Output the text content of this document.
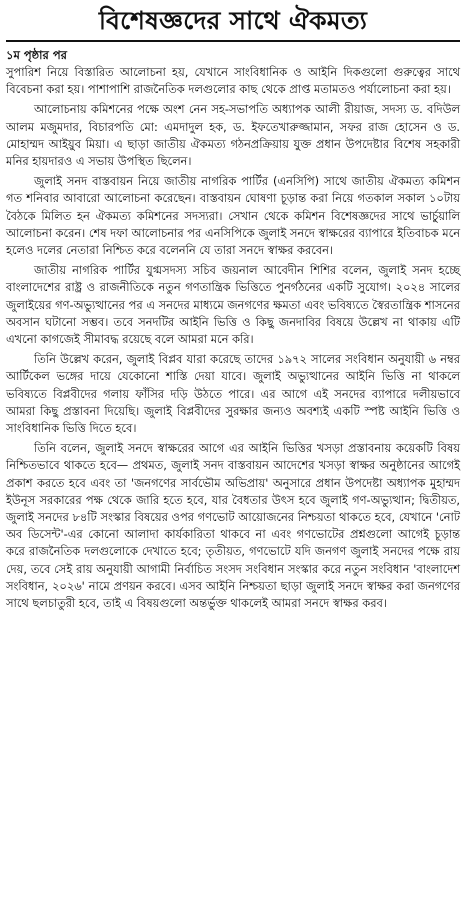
বিশেষজ্ঞদের সাথে ঐকমত্য

১ম পৃষ্ঠার পর

সুপারিশ নিয়ে বিস্তারিত আলোচনা হয়, যেখানে সাংবিধানিক ও আইনি দিকগুলো গুরুত্বের সাথে বিবেচনা করা হয়। পাশাপাশি রাজনৈতিক দলগুলোর কাছ থেকে প্রাপ্ত মতামতও পর্যালোচনা করা হয়।

আলোচনায় কমিশনের পক্ষে অংশ নেন সহ-সভাপতি অধ্যাপক আলী রীয়াজ, সদস্য ড. বদিউল আলম মজুমদার, বিচারপতি মো: এমদাদুল হক, ড. ইফতেখারুজ্জামান, সফর রাজ হোসেন ও ড. মোহাম্মদ আইয়ুব মিয়া। এ ছাড়া জাতীয় ঐকমত্য গঠনপ্রক্রিয়ায় যুক্ত প্রধান উপদেষ্টার বিশেষ সহকারী মনির হায়দারও এ সভায় উপস্থিত ছিলেন।

জুলাই সনদ বাস্তবায়ন নিয়ে জাতীয় নাগরিক পার্টির (এনসিপি) সাথে জাতীয় ঐকমত্য কমিশন গত শনিবার আবারো আলোচনা করেছেন। বাস্তবায়ন ঘোষণা চূড়ান্ত করা নিয়ে গতকাল সকাল ১০টায় বৈঠকে মিলিত হন ঐকমত্য কমিশনের সদস্যরা। সেখান থেকে কমিশন বিশেষজ্ঞদের সাথে ভার্চুয়ালি আলোচনা করেন। শেষ দফা আলোচনার পর এনসিপিকে জুলাই সনদে স্বাক্ষরের ব্যাপারে ইতিবাচক মনে হলেও দলের নেতারা নিশ্চিত করে বলেননি যে তারা সনদে স্বাক্ষর করবেন।

জাতীয় নাগরিক পার্টির যুগ্মসদস্য সচিব জয়নাল আবেদীন শিশির বলেন, জুলাই সনদ হচ্ছে বাংলাদেশের রাষ্ট্র ও রাজনীতিকে নতুন গণতান্ত্রিক ভিত্তিতে পুনর্গঠনের একটি সুযোগ। ২০২৪ সালের জুলাইয়ের গণ-অভ্যুত্থানের পর এ সনদের মাধ্যমে জনগণের ক্ষমতা এবং ভবিষ্যতে স্বৈরতান্ত্রিক শাসনের অবসান ঘটানো সম্ভব। তবে সনদটির আইনি ভিত্তি ও কিছু জনদাবির বিষয়ে উল্লেখ না থাকায় এটি এখনো কাগজেই সীমাবদ্ধ রয়েছে বলে আমরা মনে করি।

তিনি উল্লেখ করেন, জুলাই বিপ্লব যারা করেছে তাদের ১৯৭২ সালের সংবিধান অনুযায়ী ৬ নম্বর আর্টিকেল ভঙ্গের দায়ে যেকোনো শাস্তি দেয়া যাবে। জুলাই অভ্যুত্থানের আইনি ভিত্তি না থাকলে ভবিষ্যতে বিপ্লবীদের গলায় ফাঁসির দড়ি উঠতে পারে। এর আগে এই সনদের ব্যাপারে দলীয়ভাবে আমরা কিছু প্রস্তাবনা দিয়েছি। জুলাই বিপ্লবীদের সুরক্ষার জন্যও অবশ্যই একটি স্পষ্ট আইনি ভিত্তি ও সাংবিধানিক ভিত্তি দিতে হবে।

তিনি বলেন, জুলাই সনদে স্বাক্ষরের আগে এর আইনি ভিত্তির খসড়া প্রস্তাবনায় কয়েকটি বিষয় নিশ্চিতভাবে থাকতে হবে— প্রথমত, জুলাই সনদ বাস্তবায়ন আদেশের খসড়া স্বাক্ষর অনুষ্ঠানের আগেই প্রকাশ করতে হবে এবং তা 'জনগণের সার্বভৌম অভিপ্রায়' অনুসারে প্রধান উপদেষ্টা অধ্যাপক মুহাম্মদ ইউনূস সরকারের পক্ষ থেকে জারি হতে হবে, যার বৈধতার উৎস হবে জুলাই গণ-অভ্যুত্থান; দ্বিতীয়ত, জুলাই সনদের ৮৪টি সংস্কার বিষয়ের ওপর গণভোট আয়োজনের নিশ্চয়তা থাকতে হবে, যেখানে 'নোট অব ডিসেন্ট'-এর কোনো আলাদা কার্যকারিতা থাকবে না এবং গণভোটের প্রশ্নগুলো আগেই চূড়ান্ত করে রাজনৈতিক দলগুলোকে দেখাতে হবে; তৃতীয়ত, গণভোটে যদি জনগণ জুলাই সনদের পক্ষে রায় দেয়, তবে সেই রায় অনুযায়ী আগামী নির্বাচিত সংসদ সংবিধান সংস্কার করে নতুন সংবিধান 'বাংলাদেশ সংবিধান, ২০২৬' নামে প্রণয়ন করবে। এসব আইনি নিশ্চয়তা ছাড়া জুলাই সনদে স্বাক্ষর করা জনগণের সাথে ছলচাতুরী হবে, তাই এ বিষয়গুলো অন্তর্ভুক্ত থাকলেই আমরা সনদে স্বাক্ষর করব।
